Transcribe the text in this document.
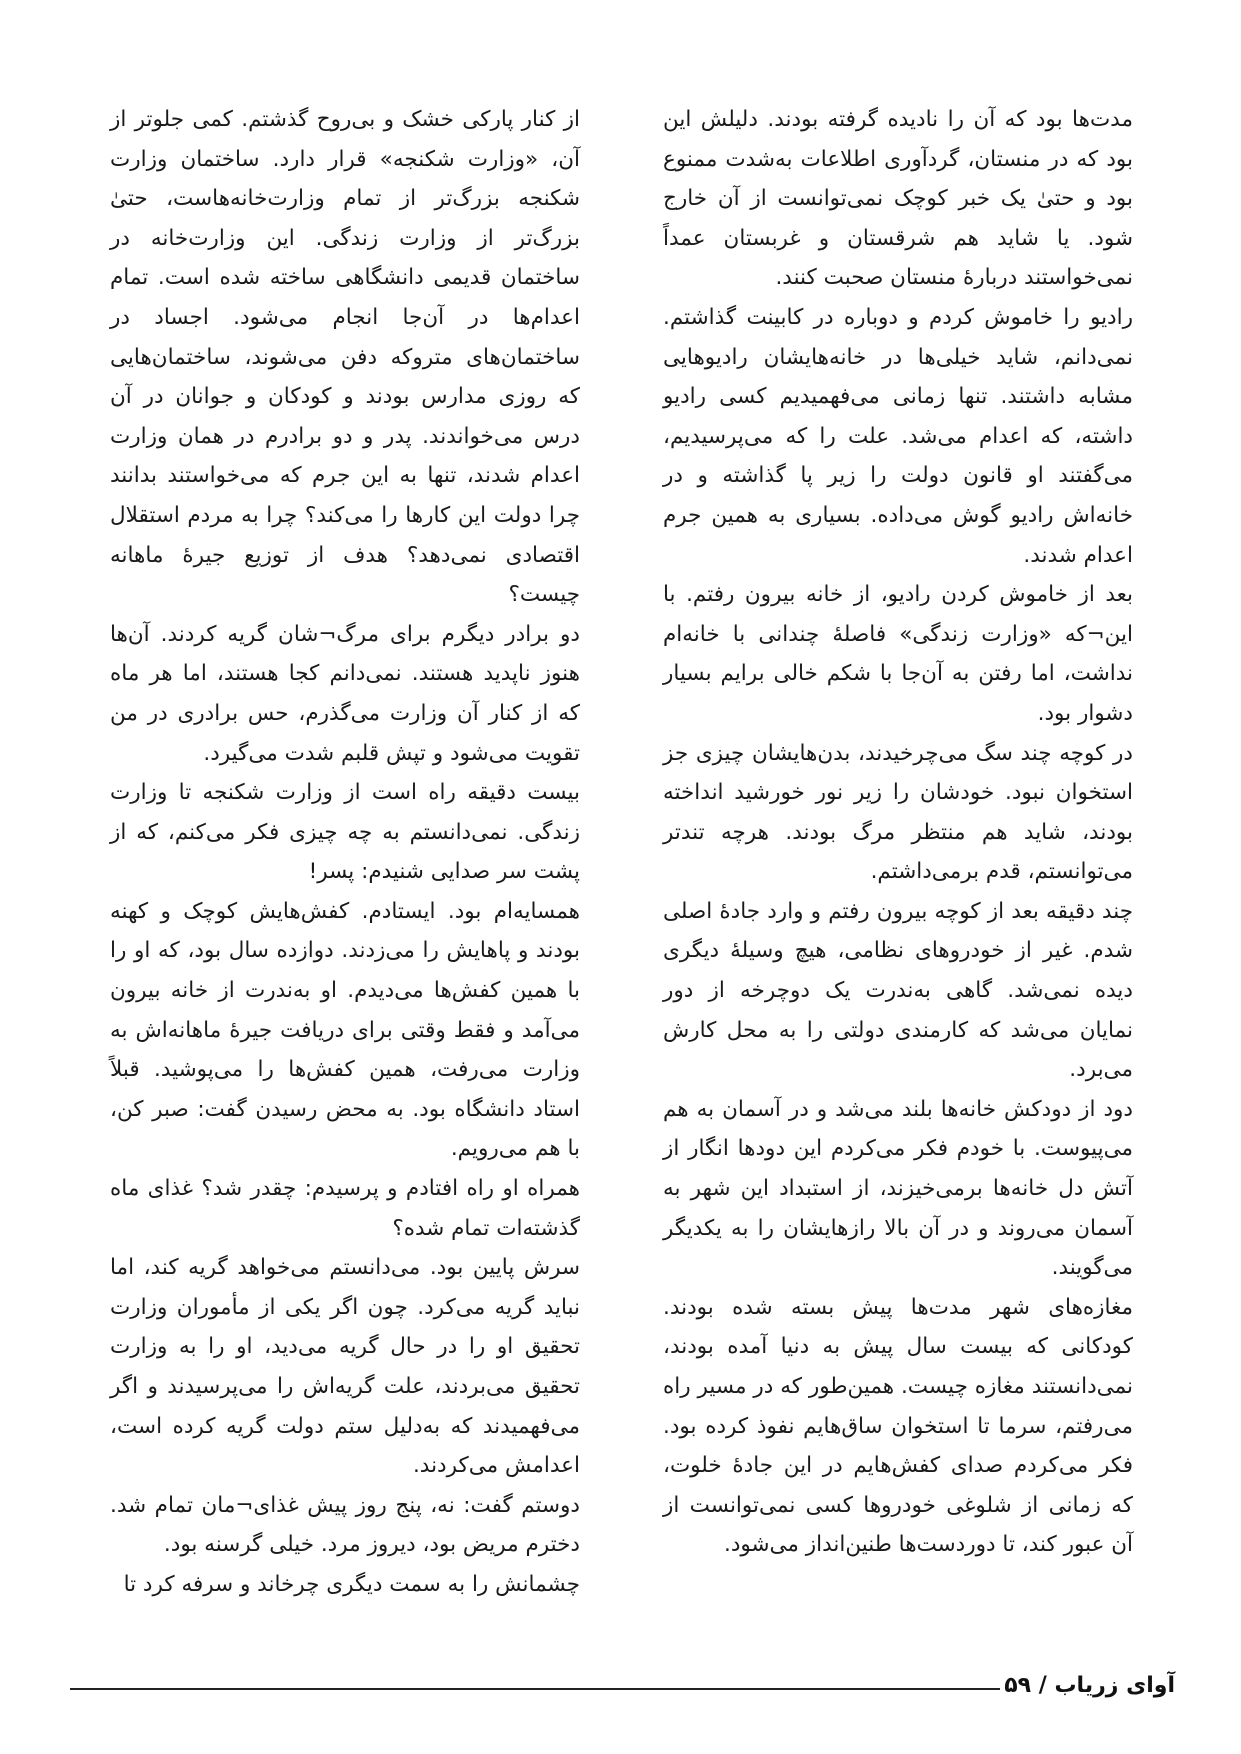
مدت‌ها بود که آن را نادیده گرفته بودند. دلیلش این بود که در منستان، گردآوری اطلاعات به‌شدت ممنوع بود و حتیٰ یک خبر کوچک نمی‌توانست از آن خارج شود. یا شاید هم شرقستان و غربستان عمداً نمی‌خواستند دربارهٔ منستان صحبت کنند.

رادیو را خاموش کردم و دوباره در کابینت گذاشتم. نمی‌دانم، شاید خیلی‌ها در خانه‌هایشان رادیوهایی مشابه داشتند. تنها زمانی می‌فهمیدیم کسی رادیو داشته، که اعدام می‌شد. علت را که می‌پرسیدیم، می‌گفتند او قانون دولت را زیر پا گذاشته و در خانه‌اش رادیو گوش می‌داده. بسیاری به همین جرم اعدام شدند.

بعد از خاموش کردن رادیو، از خانه بیرون رفتم. با این¬که «وزارت زندگی» فاصلهٔ چندانی با خانه‌ام نداشت، اما رفتن به آن‌جا با شکم خالی برایم بسیار دشوار بود.

در کوچه چند سگ می‌چرخیدند، بدن‌هایشان چیزی جز استخوان نبود. خودشان را زیر نور خورشید انداخته بودند، شاید هم منتظر مرگ بودند. هرچه تندتر می‌توانستم، قدم برمی‌داشتم.

چند دقیقه بعد از کوچه بیرون رفتم و وارد جادهٔ اصلی شدم. غیر از خودروهای نظامی، هیچ وسیلهٔ دیگری دیده نمی‌شد. گاهی به‌ندرت یک دوچرخه از دور نمایان می‌شد که کارمندی دولتی را به محل کارش می‌برد.

دود از دودکش خانه‌ها بلند می‌شد و در آسمان به هم می‌پیوست. با خودم فکر می‌کردم این دودها انگار از آتش دل خانه‌ها برمی‌خیزند، از استبداد این شهر به آسمان می‌روند و در آن بالا رازهایشان را به یکدیگر می‌گویند.

مغازه‌های شهر مدت‌ها پیش بسته شده بودند. کودکانی که بیست سال پیش به دنیا آمده بودند، نمی‌دانستند مغازه چیست. همین‌طور که در مسیر راه می‌رفتم، سرما تا استخوان ساق‌هایم نفوذ کرده بود. فکر می‌کردم صدای کفش‌هایم در این جادهٔ خلوت، که زمانی از شلوغی خودروها کسی نمی‌توانست از آن عبور کند، تا دوردست‌ها طنین‌انداز می‌شود.

از کنار پارکی خشک و بی‌روح گذشتم. کمی جلوتر از آن، «وزارت شکنجه» قرار دارد. ساختمان وزارت شکنجه بزرگ‌تر از تمام وزارت‌خانه‌هاست، حتیٰ بزرگ‌تر از وزارت زندگی. این وزارت‌خانه در ساختمان قدیمی دانشگاهی ساخته شده است. تمام اعدام‌ها در آن‌جا انجام می‌شود. اجساد در ساختمان‌های متروکه دفن می‌شوند، ساختمان‌هایی که روزی مدارس بودند و کودکان و جوانان در آن درس می‌خواندند. پدر و دو برادرم در همان وزارت اعدام شدند، تنها به این جرم که می‌خواستند بدانند چرا دولت این کارها را می‌کند؟ چرا به مردم استقلال اقتصادی نمی‌دهد؟ هدف از توزیع جیرهٔ ماهانه چیست؟

دو برادر دیگرم برای مرگ¬شان گریه کردند. آن‌ها هنوز ناپدید هستند. نمی‌دانم کجا هستند، اما هر ماه که از کنار آن وزارت می‌گذرم، حس برادری در من تقویت می‌شود و تپش قلبم شدت می‌گیرد.

بیست دقیقه راه است از وزارت شکنجه تا وزارت زندگی. نمی‌دانستم به چه چیزی فکر می‌کنم، که از پشت سر صدایی شنیدم: پسر!

همسایه‌ام بود. ایستادم. کفش‌هایش کوچک و کهنه بودند و پاهایش را می‌زدند. دوازده سال بود، که او را با همین کفش‌ها می‌دیدم. او به‌ندرت از خانه بیرون می‌آمد و فقط وقتی برای دریافت جیرهٔ ماهانه‌اش به وزارت می‌رفت، همین کفش‌ها را می‌پوشید. قبلاً استاد دانشگاه بود. به محض رسیدن گفت: صبر کن، با هم می‌رویم.

همراه او راه افتادم و پرسیدم: چقدر شد؟ غذای ماه گذشته‌ات تمام شده؟

سرش پایین بود. می‌دانستم می‌خواهد گریه کند، اما نباید گریه می‌کرد. چون اگر یکی از مأموران وزارت تحقیق او را در حال گریه می‌دید، او را به وزارت تحقیق می‌بردند، علت گریه‌اش را می‌پرسیدند و اگر می‌فهمیدند که به‌دلیل ستم دولت گریه کرده است، اعدامش می‌کردند.

دوستم گفت: نه، پنج روز پیش غذای¬مان تمام شد. دخترم مریض بود، دیروز مرد. خیلی گرسنه بود.

چشمانش را به سمت دیگری چرخاند و سرفه کرد تا

آوای زریاب / ۵۹
